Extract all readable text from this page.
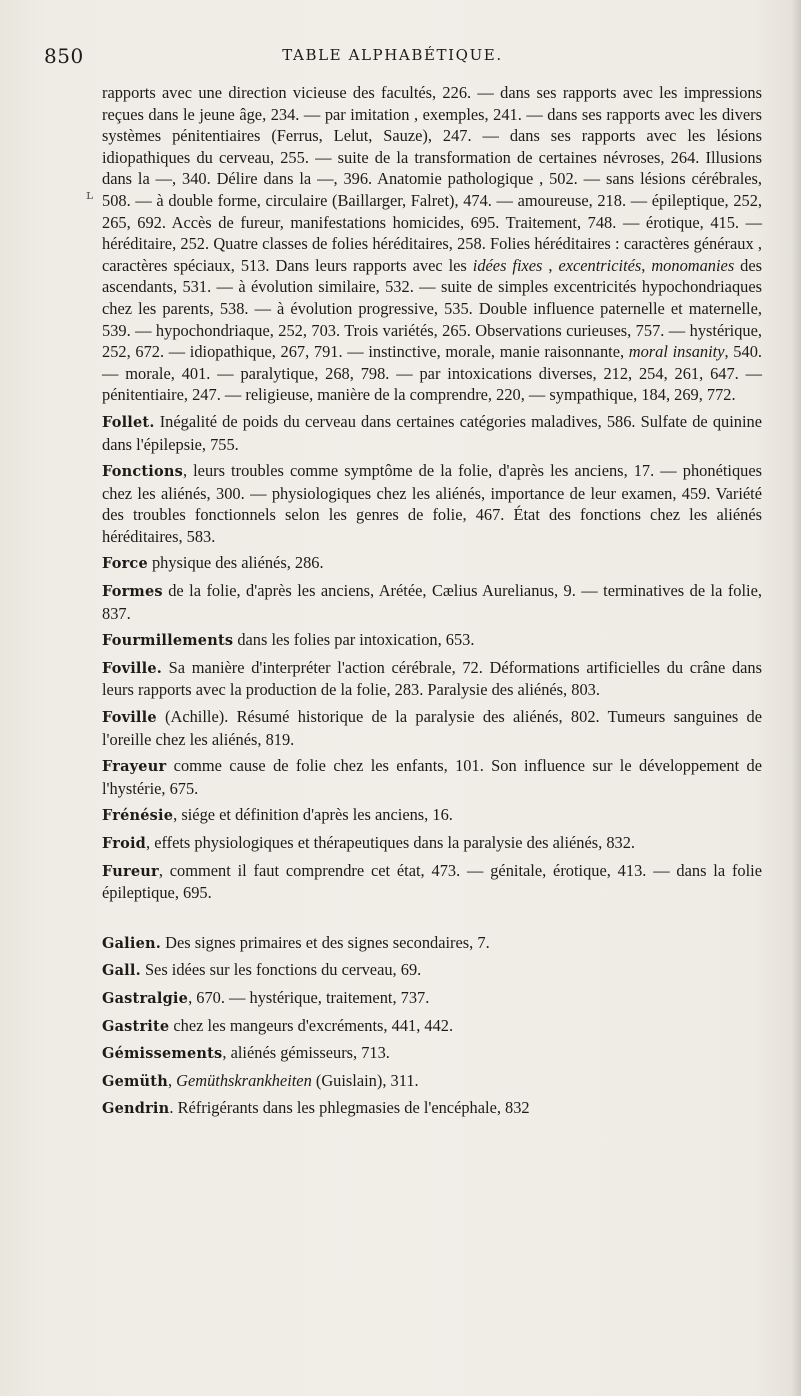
850	TABLE ALPHABÉTIQUE.
ʟ

rapports avec une direction vicieuse des facultés, 226. — dans ses rapports avec les impressions reçues dans le jeune âge, 234. — par imitation , exemples, 241. — dans ses rapports avec les divers systèmes pénitentiaires (Ferrus, Lelut, Sauze), 247. — dans ses rapports avec les lésions idiopathiques du cerveau, 255. — suite de la transformation de certaines névroses, 264. Illusions dans la —, 340. Délire dans la —, 396. Anatomie pathologique , 502. — sans lésions cérébrales, 508. — à double forme, circulaire (Baillarger, Falret), 474. — amoureuse, 218. — épileptique, 252, 265, 692. Accès de fureur, manifestations homicides, 695. Traitement, 748. — érotique, 415. — héréditaire, 252. Quatre classes de folies héréditaires, 258. Folies héréditaires : caractères généraux , caractères spéciaux, 513. Dans leurs rapports avec les idées fixes , excentricités, monomanies des ascendants, 531. — à évolution similaire, 532. — suite de simples excentricités hypochondriaques chez les parents, 538. — à évolution progressive, 535. Double influence paternelle et maternelle, 539. — hypochondriaque, 252, 703. Trois variétés, 265. Observations curieuses, 757. — hystérique, 252, 672. — idiopathique, 267, 791. — instinctive, morale, manie raisonnante, moral insanity, 540. — morale, 401. — paralytique, 268, 798. — par intoxications diverses, 212, 254, 261, 647. — pénitentiaire, 247. — religieuse, manière de la comprendre, 220, — sympathique, 184, 269, 772.

Follet. Inégalité de poids du cerveau dans certaines catégories maladives, 586. Sulfate de quinine dans l'épilepsie, 755.

Fonctions, leurs troubles comme symptôme de la folie, d'après les anciens, 17. — phonétiques chez les aliénés, 300. — physiologiques chez les aliénés, importance de leur examen, 459. Variété des troubles fonctionnels selon les genres de folie, 467. État des fonctions chez les aliénés héréditaires, 583.

Force physique des aliénés, 286.

Formes de la folie, d'après les anciens, Arétée, Cælius Aurelianus, 9. — terminatives de la folie, 837.

Fourmillements dans les folies par intoxication, 653.

Foville. Sa manière d'interpréter l'action cérébrale, 72. Déformations artificielles du crâne dans leurs rapports avec la production de la folie, 283. Paralysie des aliénés, 803.

Foville (Achille). Résumé historique de la paralysie des aliénés, 802. Tumeurs sanguines de l'oreille chez les aliénés, 819.

Frayeur comme cause de folie chez les enfants, 101. Son influence sur le développement de l'hystérie, 675.

Frénésie, siége et définition d'après les anciens, 16.

Froid, effets physiologiques et thérapeutiques dans la paralysie des aliénés, 832.

Fureur, comment il faut comprendre cet état, 473. — génitale, érotique, 413. — dans la folie épileptique, 695.

Galien. Des signes primaires et des signes secondaires, 7.

Gall. Ses idées sur les fonctions du cerveau, 69.

Gastralgie, 670. — hystérique, traitement, 737.

Gastrite chez les mangeurs d'excréments, 441, 442.

Gémissements, aliénés gémisseurs, 713.

Gemüth, Gemüthskrankheiten (Guislain), 311.

Gendrin. Réfrigérants dans les phlegmasies de l'encéphale, 832
